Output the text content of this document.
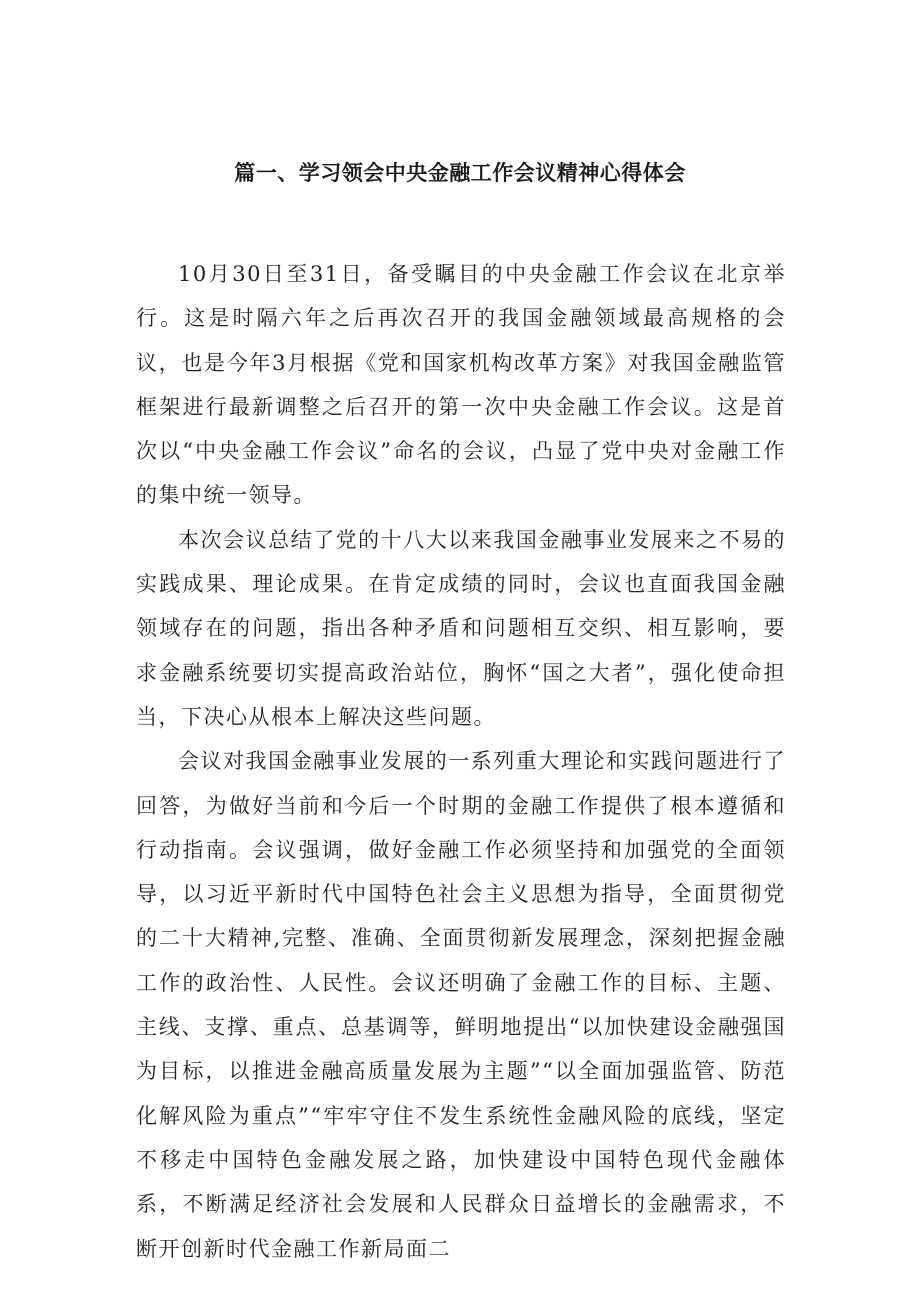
篇一、学习领会中央金融工作会议精神心得体会

10月30日至31日，备受瞩目的中央金融工作会议在北京举行。这是时隔六年之后再次召开的我国金融领域最高规格的会议，也是今年3月根据《党和国家机构改革方案》对我国金融监管框架进行最新调整之后召开的第一次中央金融工作会议。这是首次以“中央金融工作会议”命名的会议，凸显了党中央对金融工作的集中统一领导。

本次会议总结了党的十八大以来我国金融事业发展来之不易的实践成果、理论成果。在肯定成绩的同时，会议也直面我国金融领域存在的问题，指出各种矛盾和问题相互交织、相互影响，要求金融系统要切实提高政治站位，胸怀“国之大者”，强化使命担当，下决心从根本上解决这些问题。

会议对我国金融事业发展的一系列重大理论和实践问题进行了回答，为做好当前和今后一个时期的金融工作提供了根本遵循和行动指南。会议强调，做好金融工作必须坚持和加强党的全面领导，以习近平新时代中国特色社会主义思想为指导，全面贯彻党的二十大精神,完整、准确、全面贯彻新发展理念，深刻把握金融工作的政治性、人民性。会议还明确了金融工作的目标、主题、主线、支撑、重点、总基调等，鲜明地提出“以加快建设金融强国为目标，以推进金融高质量发展为主题”“以全面加强监管、防范化解风险为重点”“牢牢守住不发生系统性金融风险的底线，坚定不移走中国特色金融发展之路，加快建设中国特色现代金融体系，不断满足经济社会发展和人民群众日益增长的金融需求，不断开创新时代金融工作新局面二
